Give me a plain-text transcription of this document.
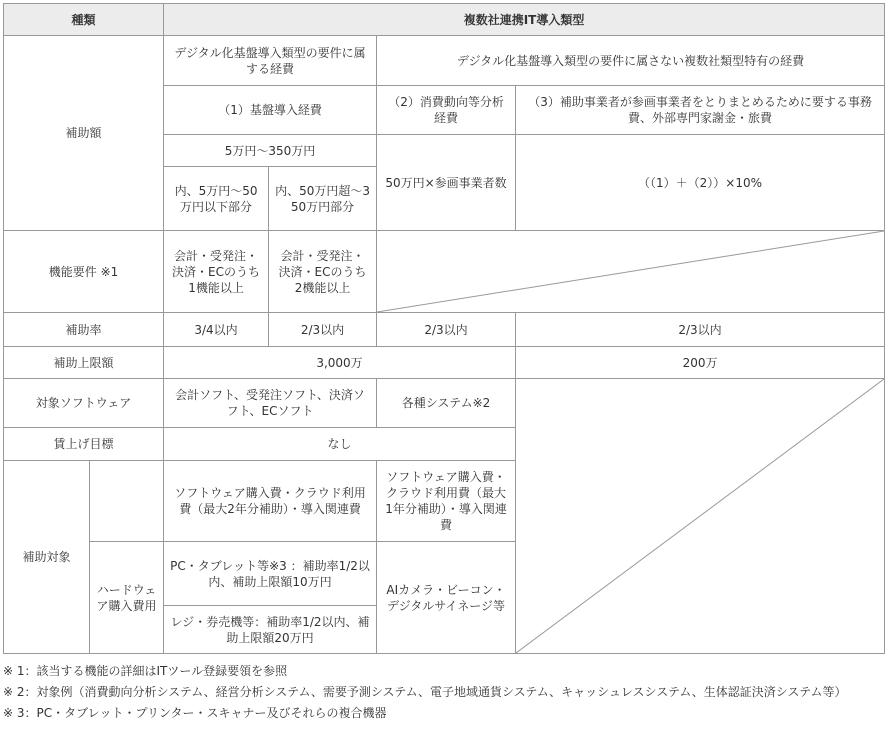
種類		複数社連携IT導入類型			
補助額		デジタル化基盤導入類型の要件に属する経費		デジタル化基盤導入類型の要件に属さない複数社類型特有の経費	
		（1）基盤導入経費		（2）消費動向等分析経費	（3）補助事業者が参画事業者をとりまとめるために要する事務費、外部専門家謝金・旅費
		5万円〜350万円		50万円×参画事業者数	（（1）＋（2））×10%
		内、5万円〜50万円以下部分	内、50万円超〜350万円部分		
機能要件 ※1		会計・受発注・決済・ECのうち1機能以上	会計・受発注・決済・ECのうち2機能以上	

補助率		3/4以内	2/3以内	2/3以内	2/3以内
補助上限額		3,000万			200万
対象ソフトウェア		会計ソフト、受発注ソフト、決済ソフト、ECソフト		各種システム※2	

賃上げ目標		なし			
補助対象		ソフトウェア購入費・クラウド利用費（最大2年分補助）・導入関連費		ソフトウェア購入費・クラウド利用費（最大1年分補助）・導入関連費	
	ハードウェア購入費用	PC・タブレット等※3 ：補助率1/2以内、補助上限額10万円		AIカメラ・ビーコン・デジタルサイネージ等	
		レジ・券売機等：補助率1/2以内、補助上限額20万円			

※ 1：該当する機能の詳細はITツール登録要領を参照

※ 2：対象例（消費動向分析システム、経営分析システム、需要予測システム、電子地域通貨システム、キャッシュレスシステム、生体認証決済システム等）

※ 3：PC・タブレット・プリンター・スキャナー及びそれらの複合機器
